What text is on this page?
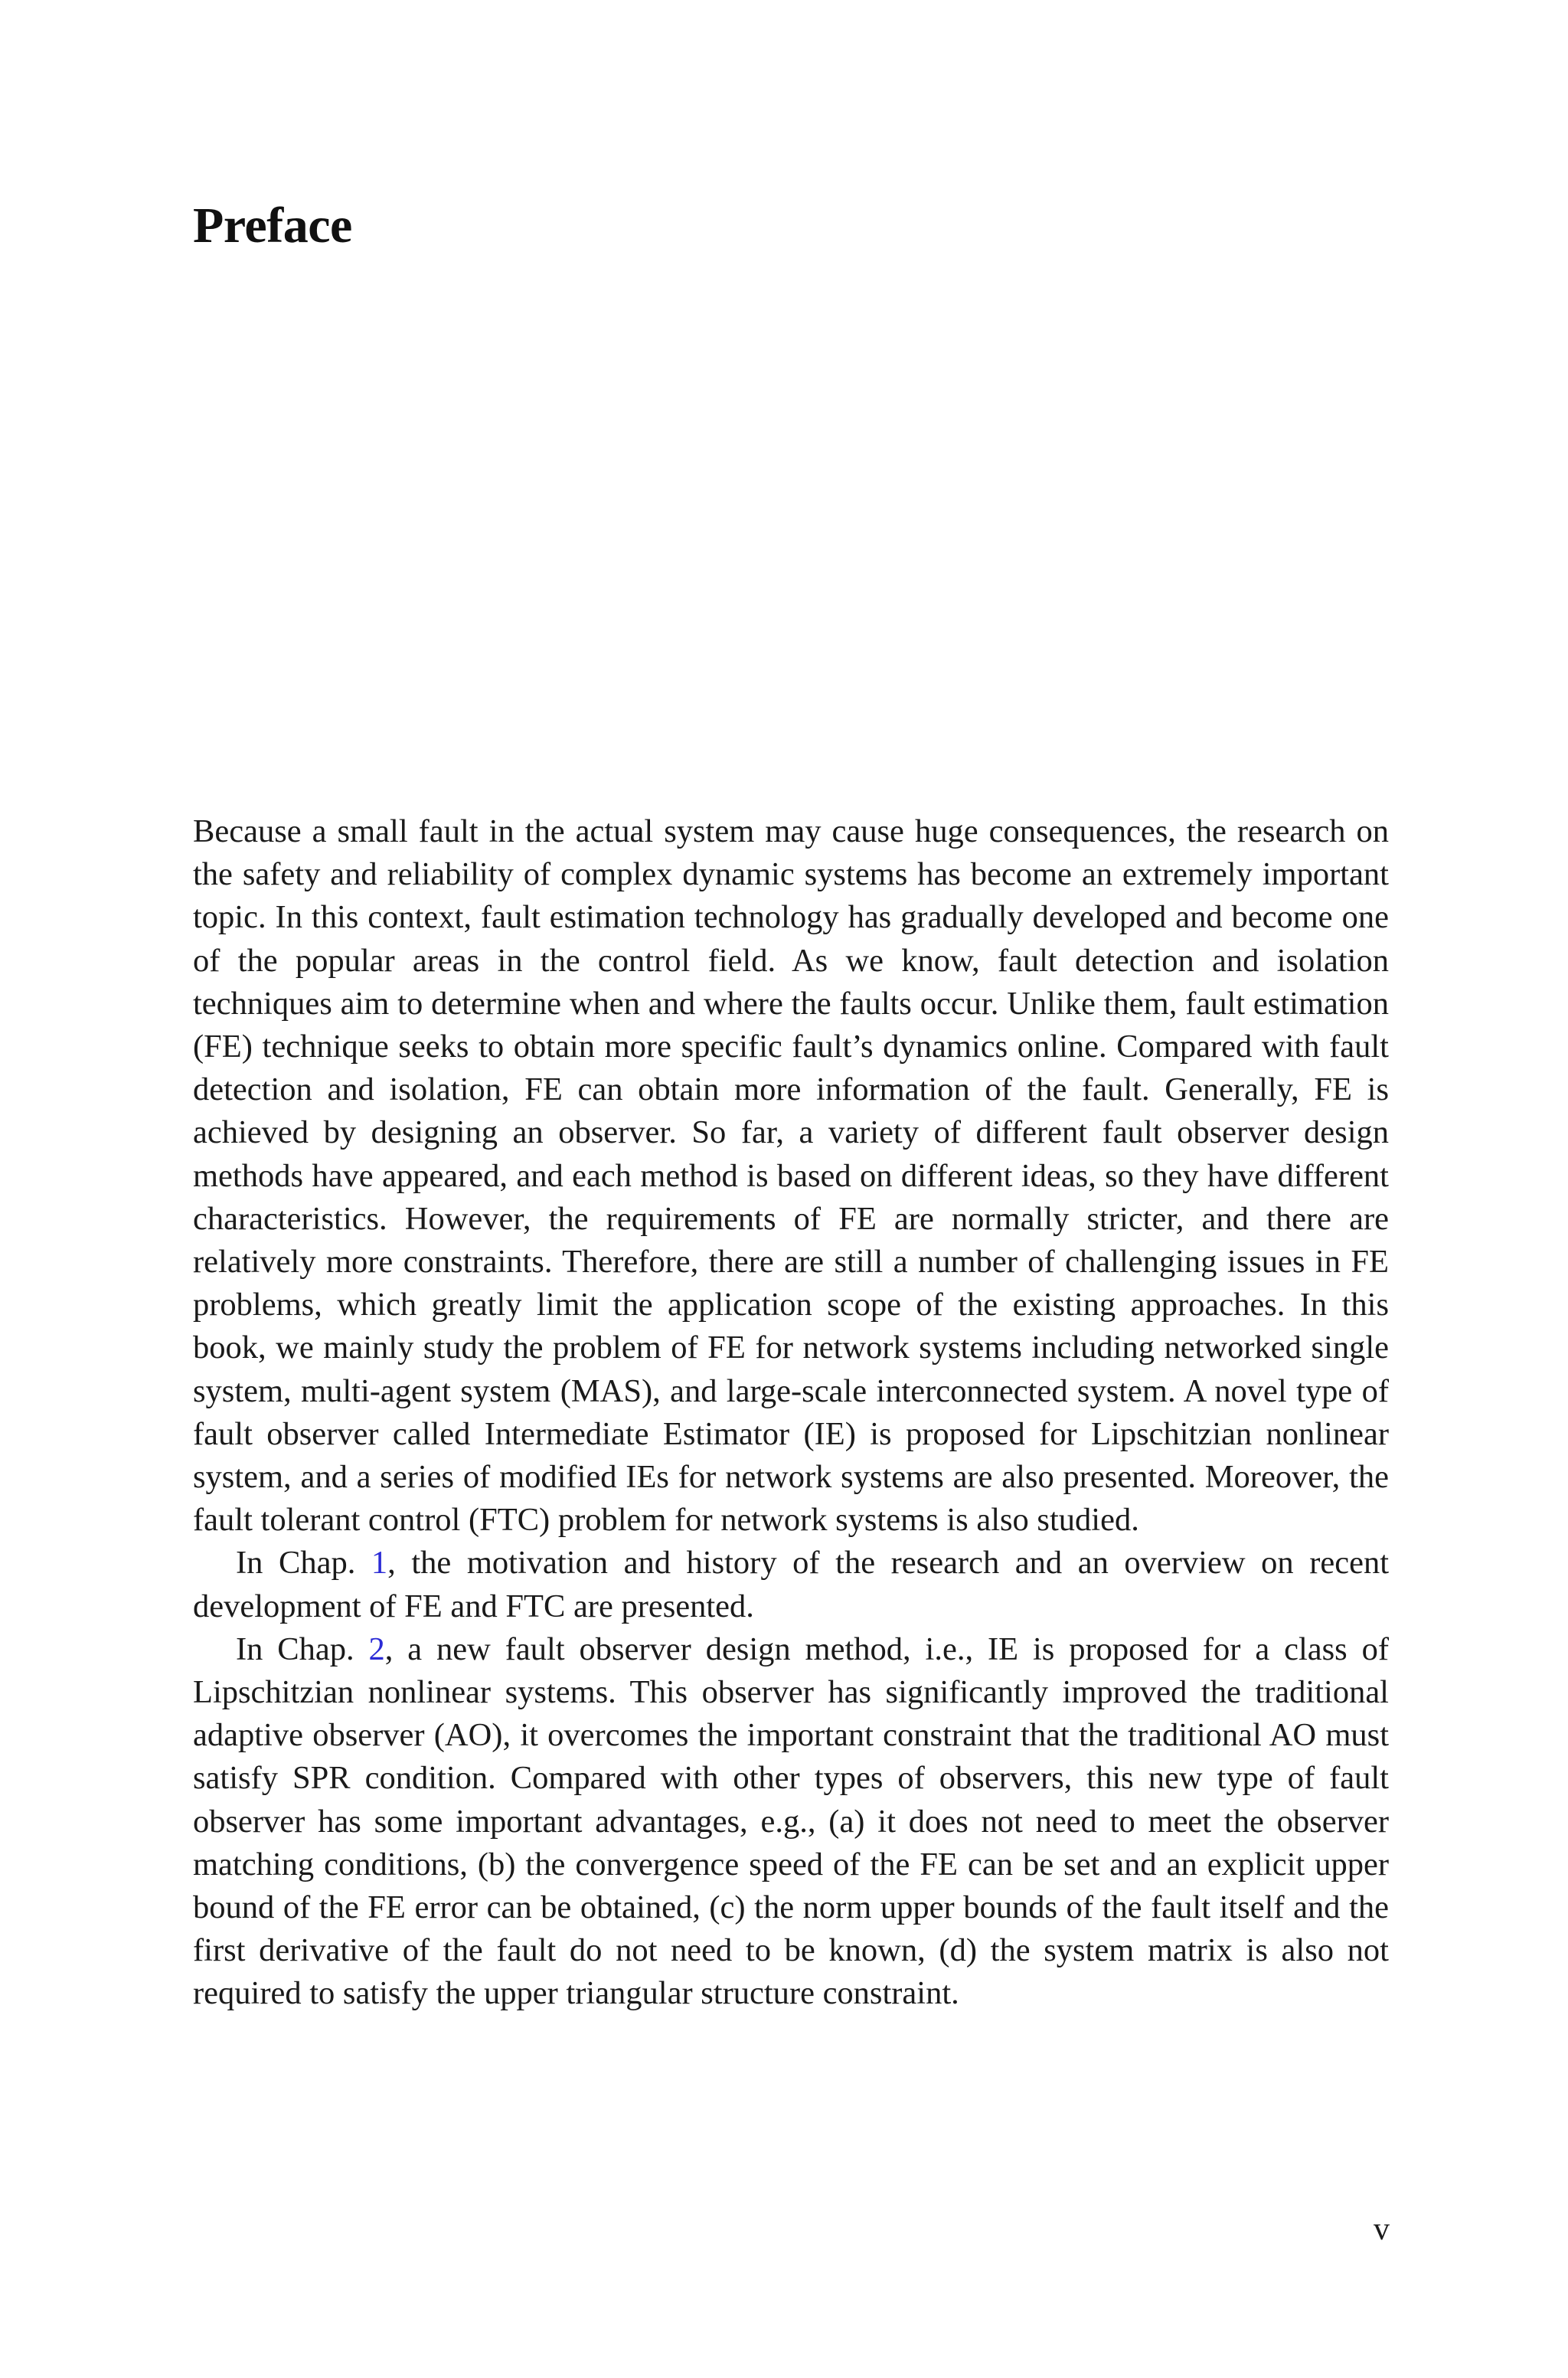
Preface

Because a small fault in the actual system may cause huge consequences, the research on the safety and reliability of complex dynamic systems has become an extremely important topic. In this context, fault estimation technology has gradually developed and become one of the popular areas in the control field. As we know, fault detection and isolation techniques aim to determine when and where the faults occur. Unlike them, fault estimation (FE) technique seeks to obtain more specific fault’s dynamics online. Compared with fault detection and isolation, FE can obtain more information of the fault. Generally, FE is achieved by designing an observer. So far, a variety of different fault observer design methods have appeared, and each method is based on different ideas, so they have different characteristics. However, the requirements of FE are normally stricter, and there are relatively more constraints. Therefore, there are still a number of challenging issues in FE problems, which greatly limit the application scope of the existing approaches. In this book, we mainly study the problem of FE for network systems including networked single system, multi-agent system (MAS), and large-scale interconnected system. A novel type of fault observer called Intermediate Estimator (IE) is proposed for Lipschitzian nonlinear system, and a series of modified IEs for network systems are also presented. Moreover, the fault tolerant control (FTC) problem for network systems is also studied.

In Chap. 1, the motivation and history of the research and an overview on recent development of FE and FTC are presented.

In Chap. 2, a new fault observer design method, i.e., IE is proposed for a class of Lipschitzian nonlinear systems. This observer has significantly improved the traditional adaptive observer (AO), it overcomes the important constraint that the traditional AO must satisfy SPR condition. Compared with other types of observers, this new type of fault observer has some important advantages, e.g., (a) it does not need to meet the observer matching conditions, (b) the convergence speed of the FE can be set and an explicit upper bound of the FE error can be obtained, (c) the norm upper bounds of the fault itself and the first derivative of the fault do not need to be known, (d) the system matrix is also not required to satisfy the upper triangular structure constraint.

v
